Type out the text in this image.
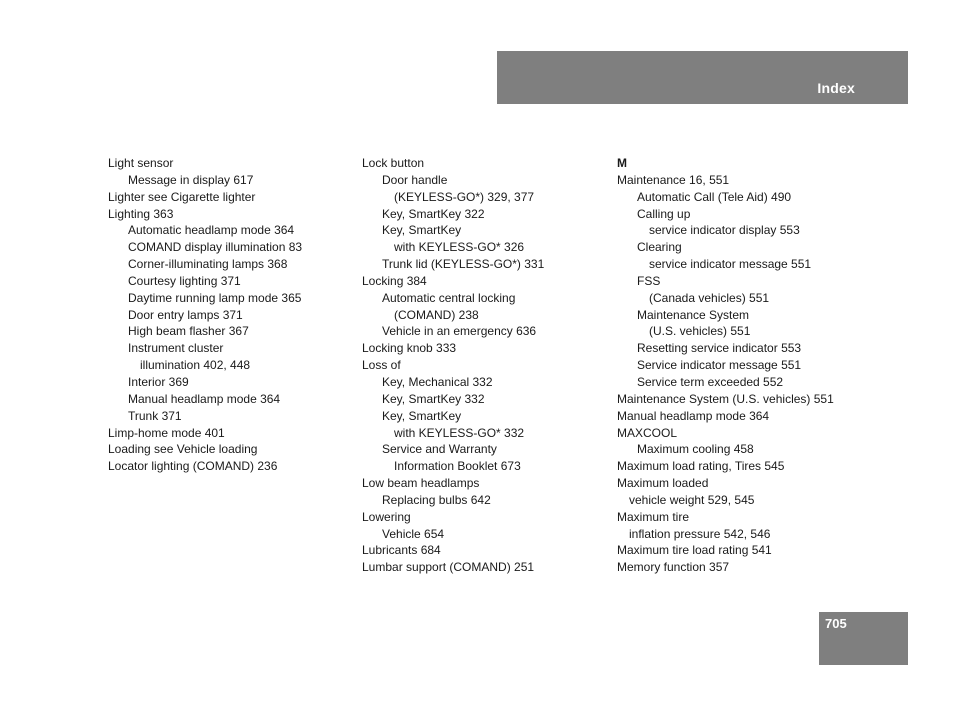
Index
Light sensor
Message in display 617
Lighter see Cigarette lighter
Lighting 363
Automatic headlamp mode 364
COMAND display illumination 83
Corner-illuminating lamps 368
Courtesy lighting 371
Daytime running lamp mode 365
Door entry lamps 371
High beam flasher 367
Instrument cluster
illumination 402, 448
Interior 369
Manual headlamp mode 364
Trunk 371
Limp-home mode 401
Loading see Vehicle loading
Locator lighting (COMAND) 236
Lock button
Door handle
(KEYLESS-GO*) 329, 377
Key, SmartKey 322
Key, SmartKey
with KEYLESS-GO* 326
Trunk lid (KEYLESS-GO*) 331
Locking 384
Automatic central locking
(COMAND) 238
Vehicle in an emergency 636
Locking knob 333
Loss of
Key, Mechanical 332
Key, SmartKey 332
Key, SmartKey
with KEYLESS-GO* 332
Service and Warranty
Information Booklet 673
Low beam headlamps
Replacing bulbs 642
Lowering
Vehicle 654
Lubricants 684
Lumbar support (COMAND) 251
M
Maintenance 16, 551
Automatic Call (Tele Aid) 490
Calling up
service indicator display 553
Clearing
service indicator message 551
FSS
(Canada vehicles) 551
Maintenance System
(U.S. vehicles) 551
Resetting service indicator 553
Service indicator message 551
Service term exceeded 552
Maintenance System (U.S. vehicles) 551
Manual headlamp mode 364
MAXCOOL
Maximum cooling 458
Maximum load rating, Tires 545
Maximum loaded
vehicle weight 529, 545
Maximum tire
inflation pressure 542, 546
Maximum tire load rating 541
Memory function 357
705
